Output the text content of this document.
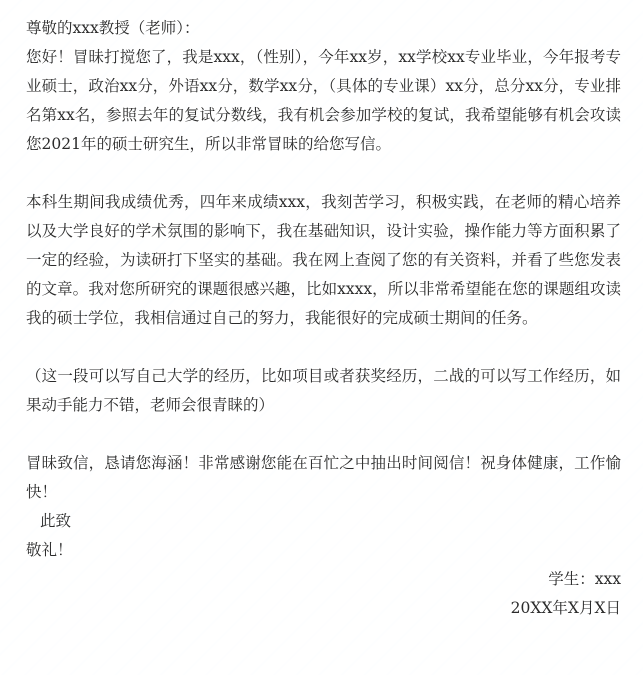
尊敬的xxx教授（老师）：

您好！冒昧打搅您了，我是xxx，（性别），今年xx岁，xx学校xx专业毕业，今年报考专业硕士，政治xx分，外语xx分，数学xx分，（具体的专业课）xx分，总分xx分，专业排名第xx名，参照去年的复试分数线，我有机会参加学校的复试，我希望能够有机会攻读您2021年的硕士研究生，所以非常冒昧的给您写信。

本科生期间我成绩优秀，四年来成绩xxx，我刻苦学习，积极实践，在老师的精心培养以及大学良好的学术氛围的影响下，我在基础知识，设计实验，操作能力等方面积累了一定的经验，为读研打下坚实的基础。我在网上查阅了您的有关资料，并看了些您发表的文章。我对您所研究的课题很感兴趣，比如xxxx，所以非常希望能在您的课题组攻读我的硕士学位，我相信通过自己的努力，我能很好的完成硕士期间的任务。

（这一段可以写自己大学的经历，比如项目或者获奖经历，二战的可以写工作经历，如果动手能力不错，老师会很青睐的）

冒昧致信，恳请您海涵！非常感谢您能在百忙之中抽出时间阅信！祝身体健康，工作愉快！

此致

敬礼！

学生：xxx

20XX年X月X日
